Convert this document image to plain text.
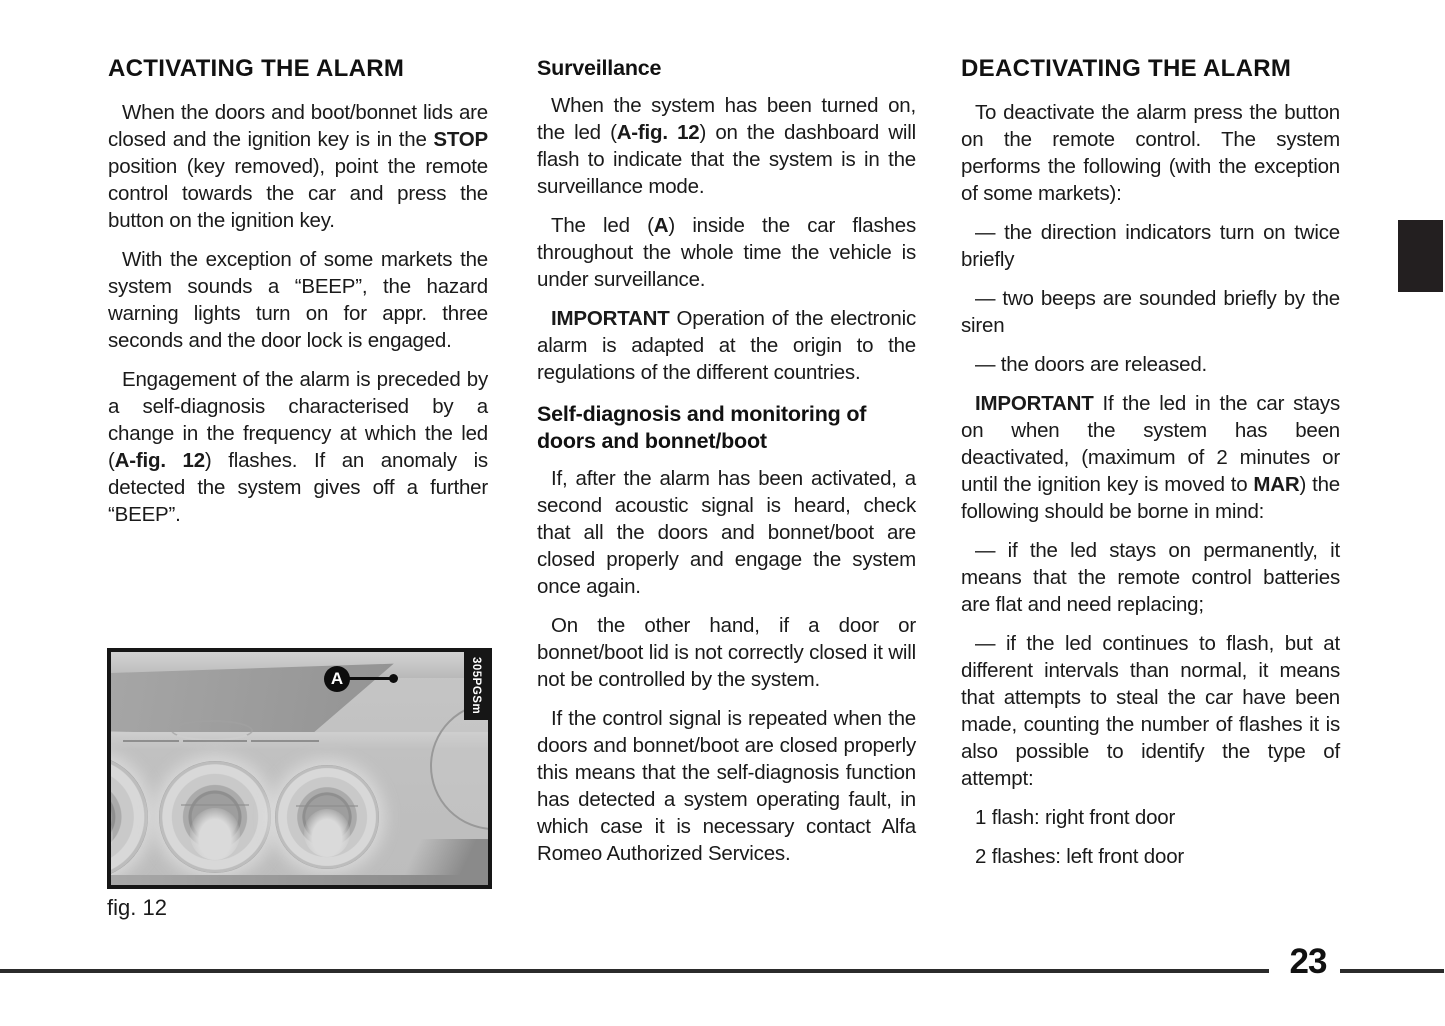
ACTIVATING THE ALARM
When the doors and boot/bonnet lids are closed and the ignition key is in the STOP position (key removed), point the remote control towards the car and press the button on the ignition key.
With the exception of some markets the system sounds a “BEEP”, the hazard warning lights turn on for appr. three seconds and the door lock is engaged.
Engagement of the alarm is preceded by a self-diagnosis characterised by a change in the frequency at which the led (A-fig. 12) flashes. If an anomaly is detected the system gives off a further “BEEP”.
Surveillance
When the system has been turned on, the led (A-fig. 12) on the dashboard will flash to indicate that the system is in the surveillance mode.
The led (A) inside the car flashes throughout the whole time the vehicle is under surveillance.
IMPORTANT Operation of the electronic alarm is adapted at the origin to the regulations of the different countries.
Self-diagnosis and monitoring of doors and bonnet/boot
If, after the alarm has been activated, a second acoustic signal is heard, check that all the doors and bonnet/boot are closed properly and engage the system once again.
On the other hand, if a door or bonnet/boot lid is not correctly closed it will not be controlled by the system.
If the control signal is repeated when the doors and bonnet/boot are closed properly this means that the self-diagnosis function has detected a system operating fault, in which case it is necessary contact Alfa Romeo Authorized Services.
DEACTIVATING THE ALARM
To deactivate the alarm press the button on the remote control. The system performs the following (with the exception of some markets):
— the direction indicators turn on twice briefly
— two beeps are sounded briefly by the siren
— the doors are released.
IMPORTANT If the led in the car stays on when the system has been deactivated, (maximum of 2 minutes or until the ignition key is moved to MAR) the following should be borne in mind:
— if the led stays on permanently, it means that the remote control batteries are flat and need replacing;
— if the led continues to flash, but at different intervals than normal, it means that attempts to steal the car have been made, counting the number of flashes it is also possible to identify the type of attempt:
1 flash: right front door
2 flashes: left front door
A	305PGSm
fig. 12
23
